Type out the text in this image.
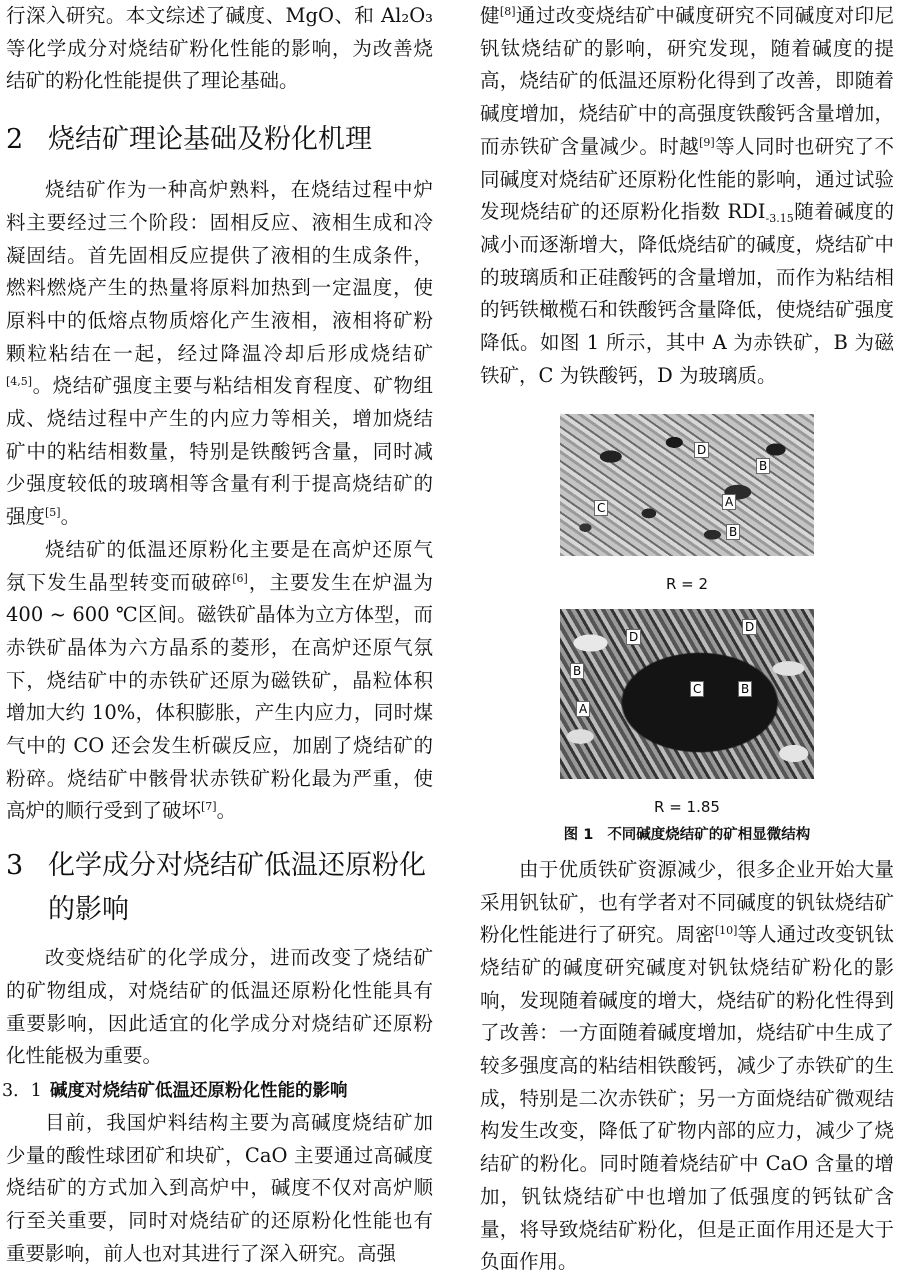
行深入研究。本文综述了碱度、MgO、和 Al₂O₃ 等化学成分对烧结矿粉化性能的影响，为改善烧结矿的粉化性能提供了理论基础。

2 烧结矿理论基础及粉化机理

烧结矿作为一种高炉熟料，在烧结过程中炉料主要经过三个阶段：固相反应、液相生成和冷凝固结。首先固相反应提供了液相的生成条件，燃料燃烧产生的热量将原料加热到一定温度，使原料中的低熔点物质熔化产生液相，液相将矿粉颗粒粘结在一起，经过降温冷却后形成烧结矿[4,5]。烧结矿强度主要与粘结相发育程度、矿物组成、烧结过程中产生的内应力等相关，增加烧结矿中的粘结相数量，特别是铁酸钙含量，同时减少强度较低的玻璃相等含量有利于提高烧结矿的强度[5]。

烧结矿的低温还原粉化主要是在高炉还原气氛下发生晶型转变而破碎[6]，主要发生在炉温为 400 ~ 600 ℃区间。磁铁矿晶体为立方体型，而赤铁矿晶体为六方晶系的菱形，在高炉还原气氛下，烧结矿中的赤铁矿还原为磁铁矿，晶粒体积增加大约 10%，体积膨胀，产生内应力，同时煤气中的 CO 还会发生析碳反应，加剧了烧结矿的粉碎。烧结矿中骸骨状赤铁矿粉化最为严重，使高炉的顺行受到了破坏[7]。

3 化学成分对烧结矿低温还原粉化的影响

改变烧结矿的化学成分，进而改变了烧结矿的矿物组成，对烧结矿的低温还原粉化性能具有重要影响，因此适宜的化学成分对烧结矿还原粉化性能极为重要。

3．1 碱度对烧结矿低温还原粉化性能的影响

目前，我国炉料结构主要为高碱度烧结矿加少量的酸性球团矿和块矿，CaO 主要通过高碱度烧结矿的方式加入到高炉中，碱度不仅对高炉顺行至关重要，同时对烧结矿的还原粉化性能也有重要影响，前人也对其进行了深入研究。高强

健[8]通过改变烧结矿中碱度研究不同碱度对印尼钒钛烧结矿的影响，研究发现，随着碱度的提高，烧结矿的低温还原粉化得到了改善，即随着碱度增加，烧结矿中的高强度铁酸钙含量增加，而赤铁矿含量减少。时越[9]等人同时也研究了不同碱度对烧结矿还原粉化性能的影响，通过试验发现烧结矿的还原粉化指数 $RDI_{-3.15}$随着碱度的减小而逐渐增大，降低烧结矿的碱度，烧结矿中的玻璃质和正硅酸钙的含量增加，而作为粘结相的钙铁橄榄石和铁酸钙含量降低，使烧结矿强度降低。如图 1 所示，其中 A 为赤铁矿，B 为磁铁矿，C 为铁酸钙，D 为玻璃质。

D
B
A
C
B
R = 2
D
D
B
C	B
A
R = 1.85
图 1 不同碱度烧结矿的矿相显微结构

由于优质铁矿资源减少，很多企业开始大量采用钒钛矿，也有学者对不同碱度的钒钛烧结矿粉化性能进行了研究。周密[10]等人通过改变钒钛烧结矿的碱度研究碱度对钒钛烧结矿粉化的影响，发现随着碱度的增大，烧结矿的粉化性得到了改善：一方面随着碱度增加，烧结矿中生成了较多强度高的粘结相铁酸钙，减少了赤铁矿的生成，特别是二次赤铁矿；另一方面烧结矿微观结构发生改变，降低了矿物内部的应力，减少了烧结矿的粉化。同时随着烧结矿中 CaO 含量的增加，钒钛烧结矿中也增加了低强度的钙钛矿含量，将导致烧结矿粉化，但是正面作用还是大于负面作用。
